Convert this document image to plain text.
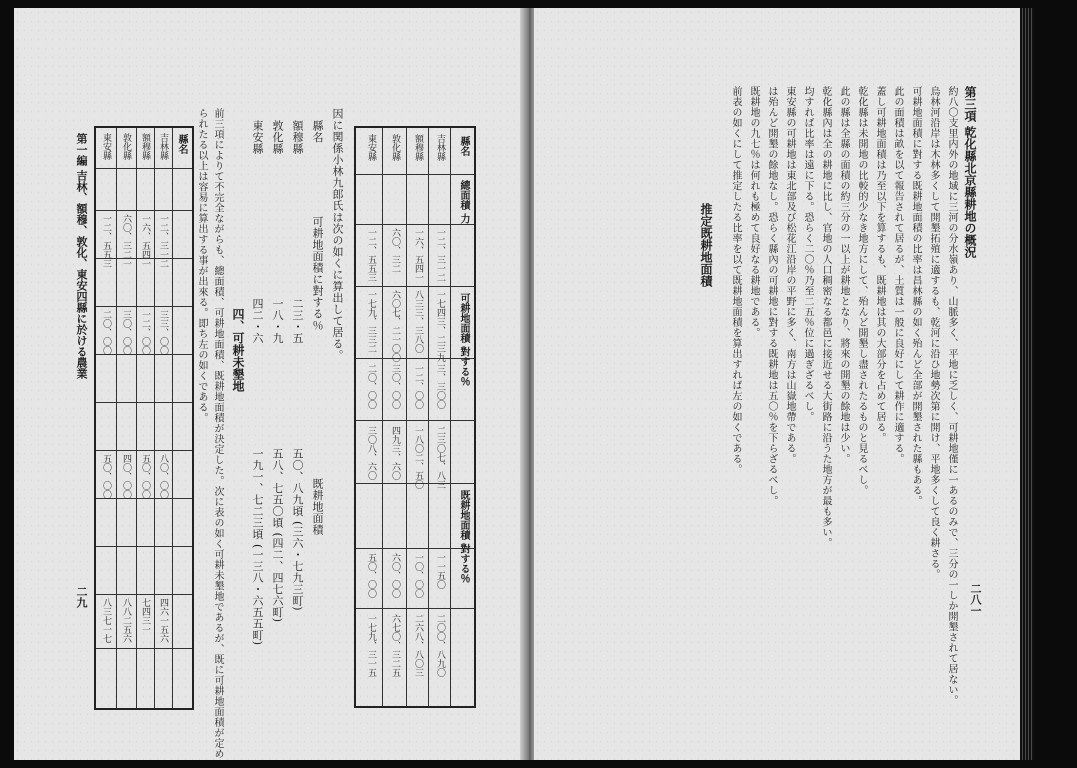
二九
第一編 吉林、額穆、敦化、東安四縣に於ける農業	縣名
總面積 力
可耕地面積 對する％
既耕地面積 對する％
吉林縣
額穆縣
敦化縣
東安縣
一二、三一二
一六、五四一
六〇、三二
一二、五五三
一七四三、二三九
八三三、三八〇
六〇七、二一〇〇
一七九、三三二
三、三〇〇
一二、〇〇
三〇、〇〇
二〇、〇〇
二三〇七、八三
一八〇二、五〇
四九三、六〇
三〇八、六〇
一一五〇
一〇、〇〇
六〇、〇〇
五〇、〇〇
二〇〇、八九〇
二六八、八〇三
六七〇、三二五
一七九、三一五
因に関係小林九郎氏は次の如くに算出して居る。
縣名
可耕地面積に對する％
既耕地面積
額穆縣
二三・五
五〇、八九頃 (三六・七九三町)
敦化縣
一八・九
五八、七五〇頃 (四二、四七六町)
東安縣
四二・六
一九一、七二三頃 (一三八・六五五町)
四、可耕未墾地
前三項によりて不完全ながらも、總面積、可耕地面積、既耕地面積が決定した。次に表の如く可耕未墾地であるが、既に可耕地面積が定め
られたる以上は容易に算出する事が出來る。即ち左の如くである。
縣名
吉林縣
額穆縣
敦化縣
東安縣
一二、三一二
一六、五四一
六〇、三二一
一二、五五三
三三、〇〇
一二、〇〇
三〇、〇〇
二〇、〇〇
八〇、〇〇
五〇、〇〇
四〇、〇〇
五〇、〇〇
四六一五六
七四三一
八八二五六
八三七一七	二八一
第三項 乾化縣北京縣耕地の概況
約八〇支里内外の地域に三河の分水嶺あり、山脈多く、平地に乏しく、可耕地僅に一あるのみで、三分の一しか開墾されて居ない。
烏林河沿岸は木林多くして開墾拓殖に適するも、乾河に沿ひ地勢次第に開け、平地多くして良く耕さる。
可耕地面積に對する既耕地面積の比率は昌林縣の如く殆んど全部が開墾された縣もある。
此の面積は畝を以て報告されて居るが、土質は一般に良好にして耕作に適する。
蓋し可耕地面積は乃至以下を算するも、既耕地は其の大部分を占めて居る。
乾化縣は未開地の比較的少なき地方にして、殆んど開墾し盡されたるものと見るべし。
此の縣は全縣の面積の約三分の一以上が耕地となり、將來の開墾の餘地は少い。
乾化縣內は全の耕地に比し、官地の人口稠密なる都邑に接近せる大街路に沿うた地方が最も多い。
均すれば比率は遠に下る。恐らく二〇％乃至二五％位に過ぎざるべし。
東安縣の可耕地は東北部及び松花江沿岸の平野に多く、南方は山嶽地帶である。
は殆んど開墾の餘地なし。恐らく縣內の可耕地に對する既耕地は五〇％を下らざるべし。
既耕地の九七％は何れも極めて良好なる耕地である。
前表の如くにして推定したる比率を以て既耕地面積を算出すれば左の如くである。
推定既耕地面積
